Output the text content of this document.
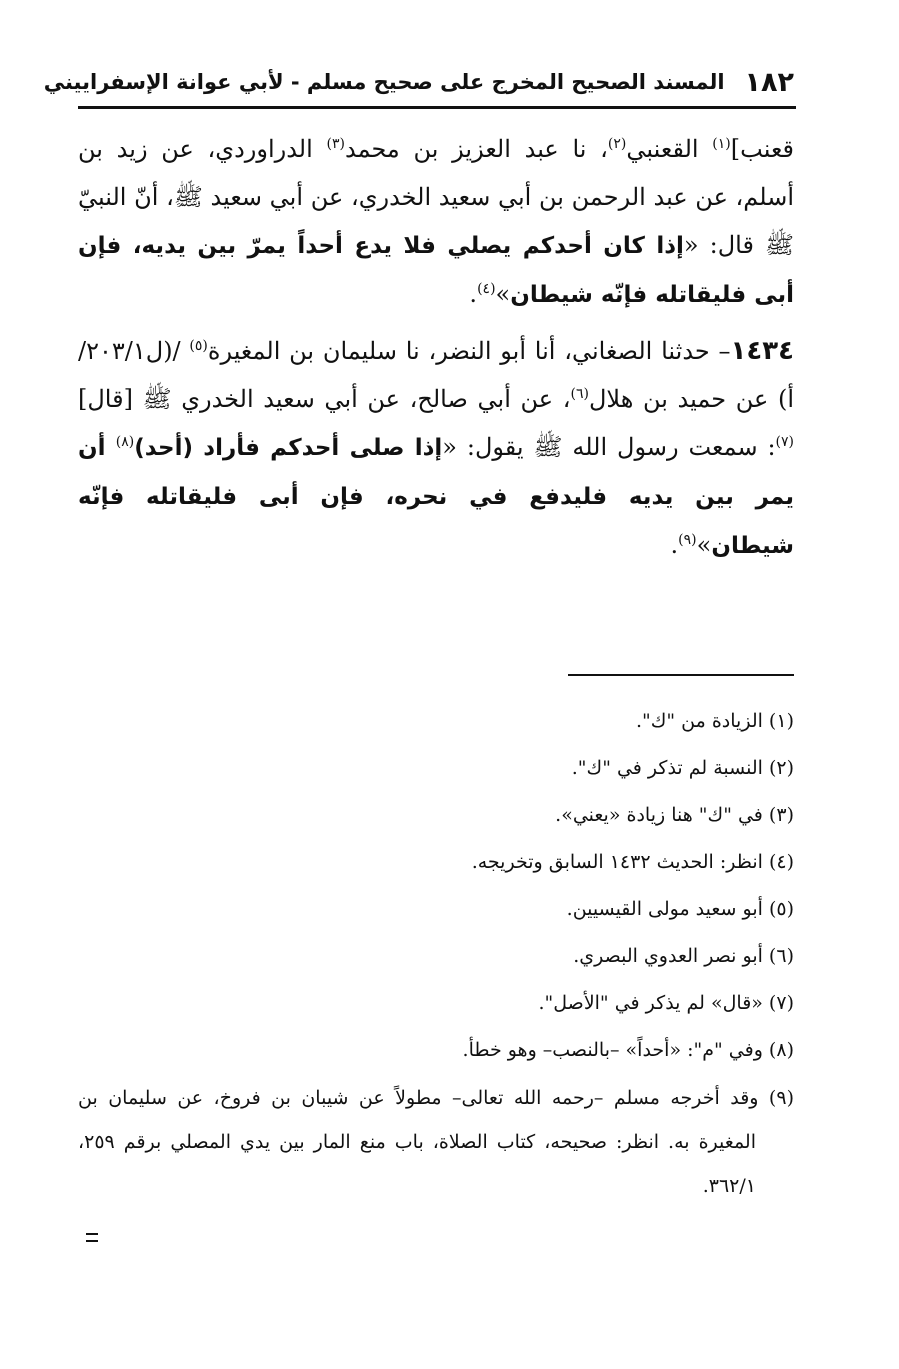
١٨٢
المسند الصحيح المخرج على صحيح مسلم - لأبي عوانة الإسفراييني

قعنب]$^{(١)}$ القعنبي$^{(٢)}$، نا عبد العزيز بن محمد$^{(٣)}$ الدراوردي، عن زيد بن أسلم، عن عبد الرحمن بن أبي سعيد الخدري، عن أبي سعيد ﷺ، أنّ النبيّ ﷺ قال: «إذا كان أحدكم يصلي فلا يدع أحداً يمرّ بين يديه، فإن أبى فليقاتله فإنّه شيطان»$^{(٤)}$.

١٤٣٤– حدثنا الصغاني، أنا أبو النضر، نا سليمان بن المغيرة$^{(٥)}$ /(ل٢٠٣/١/أ) عن حميد بن هلال$^{(٦)}$، عن أبي صالح، عن أبي سعيد الخدري ﷺ [قال]$^{(٧)}$: سمعت رسول الله ﷺ يقول: «إذا صلى أحدكم فأراد (أحد)$^{(٨)}$ أن يمر بين يديه فليدفع في نحره، فإن أبى فليقاتله فإنّه شيطان»$^{(٩)}$.

(١) الزيادة من "ك".
(٢) النسبة لم تذكر في "ك".
(٣) في "ك" هنا زيادة «يعني».
(٤) انظر: الحديث ١٤٣٢ السابق وتخريجه.
(٥) أبو سعيد مولى القيسيين.
(٦) أبو نصر العدوي البصري.
(٧) «قال» لم يذكر في "الأصل".
(٨) وفي "م": «أحداً» –بالنصب– وهو خطأ.
(٩) وقد أخرجه مسلم –رحمه الله تعالى– مطولاً عن شيبان بن فروخ، عن سليمان بن المغيرة به. انظر: صحيحه، كتاب الصلاة، باب منع المار بين يدي المصلي برقم ٢٥٩، ٣٦٢/١.
